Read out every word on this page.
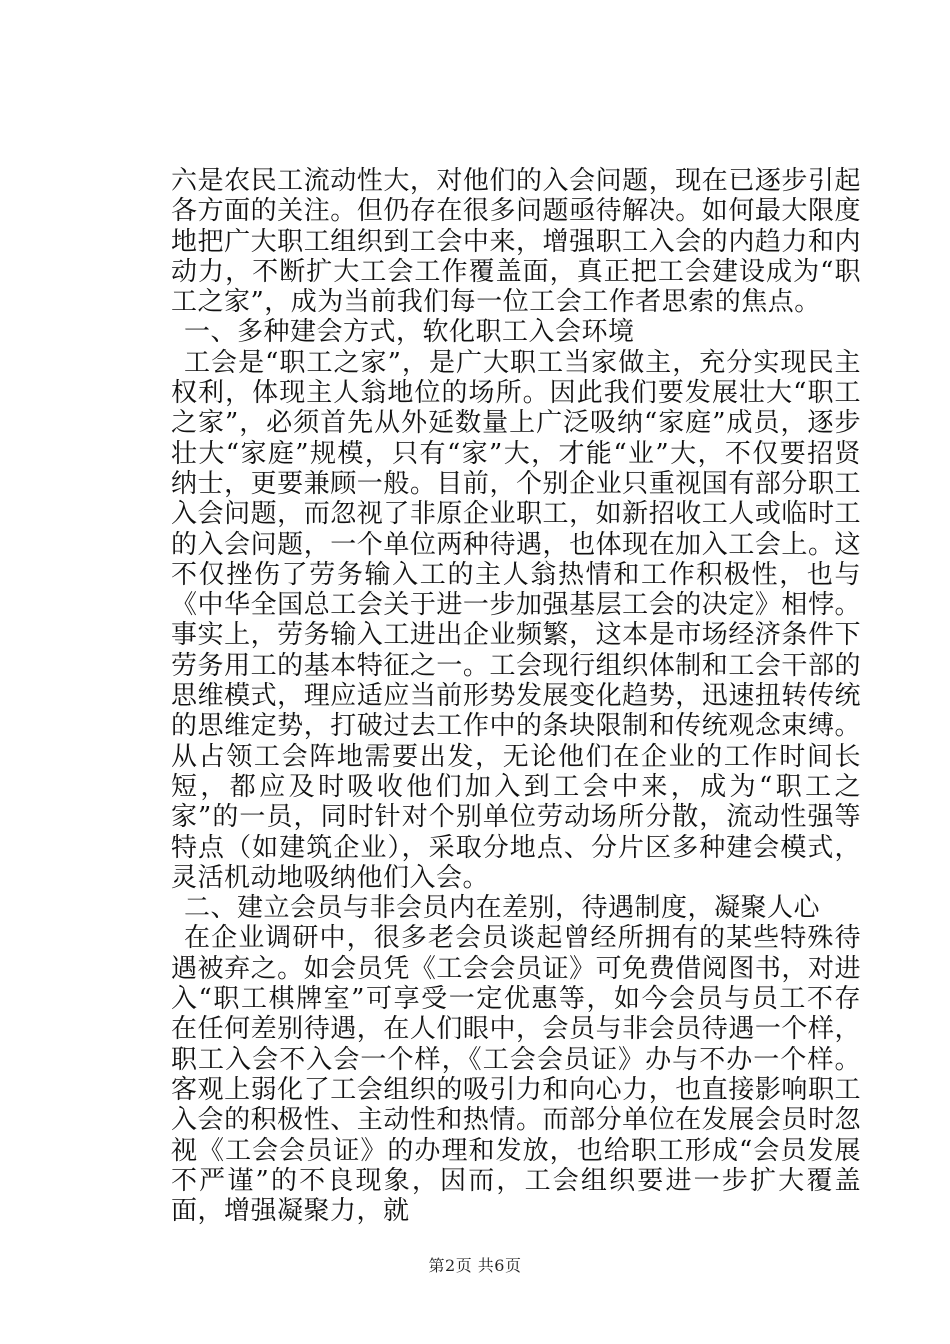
六是农民工流动性大，对他们的入会问题，现在已逐步引起各方面的关注。但仍存在很多问题亟待解决。如何最大限度地把广大职工组织到工会中来，增强职工入会的内趋力和内动力，不断扩大工会工作覆盖面，真正把工会建设成为“职工之家”，成为当前我们每一位工会工作者思索的焦点。

一、多种建会方式，软化职工入会环境

工会是“职工之家”，是广大职工当家做主，充分实现民主权利，体现主人翁地位的场所。因此我们要发展壮大“职工之家”，必须首先从外延数量上广泛吸纳“家庭”成员，逐步壮大“家庭”规模，只有“家”大，才能“业”大，不仅要招贤纳士，更要兼顾一般。目前，个别企业只重视国有部分职工入会问题，而忽视了非原企业职工，如新招收工人或临时工的入会问题，一个单位两种待遇，也体现在加入工会上。这不仅挫伤了劳务输入工的主人翁热情和工作积极性，也与《中华全国总工会关于进一步加强基层工会的决定》相悖。事实上，劳务输入工进出企业频繁，这本是市场经济条件下劳务用工的基本特征之一。工会现行组织体制和工会干部的思维模式，理应适应当前形势发展变化趋势，迅速扭转传统的思维定势，打破过去工作中的条块限制和传统观念束缚。从占领工会阵地需要出发，无论他们在企业的工作时间长短，都应及时吸收他们加入到工会中来，成为“职工之家”的一员，同时针对个别单位劳动场所分散，流动性强等特点（如建筑企业），采取分地点、分片区多种建会模式，灵活机动地吸纳他们入会。

二、建立会员与非会员内在差别，待遇制度，凝聚人心

在企业调研中，很多老会员谈起曾经所拥有的某些特殊待遇被弃之。如会员凭《工会会员证》可免费借阅图书，对进入“职工棋牌室”可享受一定优惠等，如今会员与员工不存在任何差别待遇，在人们眼中，会员与非会员待遇一个样，职工入会不入会一个样，《工会会员证》办与不办一个样。客观上弱化了工会组织的吸引力和向心力，也直接影响职工入会的积极性、主动性和热情。而部分单位在发展会员时忽视《工会会员证》的办理和发放，也给职工形成“会员发展不严谨”的不良现象，因而，工会组织要进一步扩大覆盖面，增强凝聚力，就

第2页 共6页
